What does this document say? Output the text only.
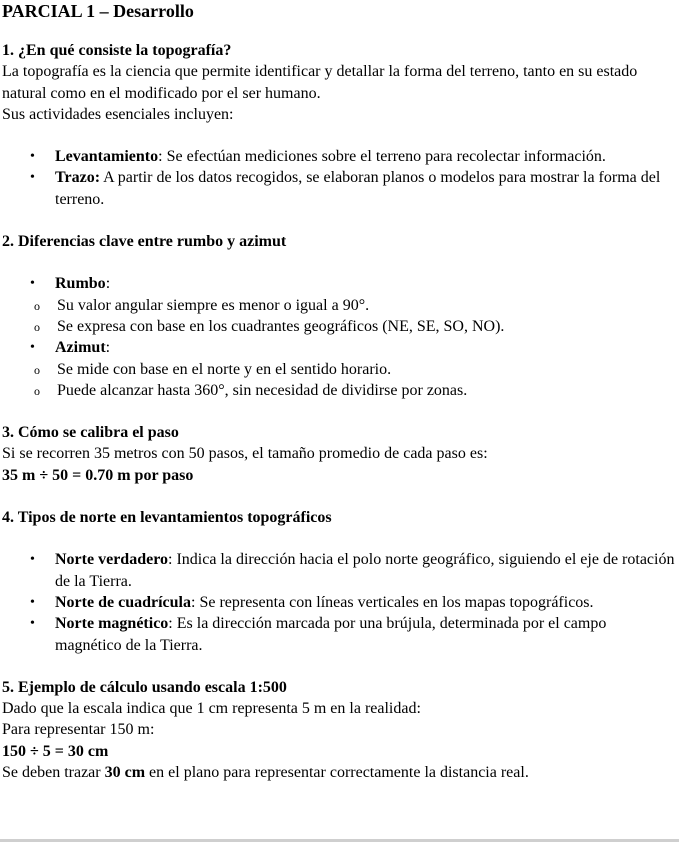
PARCIAL 1 – Desarrollo
1. ¿En qué consiste la topografía?

La topografía es la ciencia que permite identificar y detallar la forma del terreno, tanto en su estado natural como en el modificado por el ser humano.

Sus actividades esenciales incluyen:

• Levantamiento: Se efectúan mediciones sobre el terreno para recolectar información.
• Trazo: A partir de los datos recogidos, se elaboran planos o modelos para mostrar la forma del terreno.
2. Diferencias clave entre rumbo y azimut
• Rumbo:
o Su valor angular siempre es menor o igual a 90°.
o Se expresa con base en los cuadrantes geográficos (NE, SE, SO, NO).
• Azimut:
o Se mide con base en el norte y en el sentido horario.
o Puede alcanzar hasta 360°, sin necesidad de dividirse por zonas.
3. Cómo se calibra el paso

Si se recorren 35 metros con 50 pasos, el tamaño promedio de cada paso es:

35 m ÷ 50 = 0.70 m por paso

4. Tipos de norte en levantamientos topográficos
• Norte verdadero: Indica la dirección hacia el polo norte geográfico, siguiendo el eje de rotación de la Tierra.
• Norte de cuadrícula: Se representa con líneas verticales en los mapas topográficos.
• Norte magnético: Es la dirección marcada por una brújula, determinada por el campo magnético de la Tierra.
5. Ejemplo de cálculo usando escala 1:500

Dado que la escala indica que 1 cm representa 5 m en la realidad:

Para representar 150 m:

150 ÷ 5 = 30 cm

Se deben trazar 30 cm en el plano para representar correctamente la distancia real.
